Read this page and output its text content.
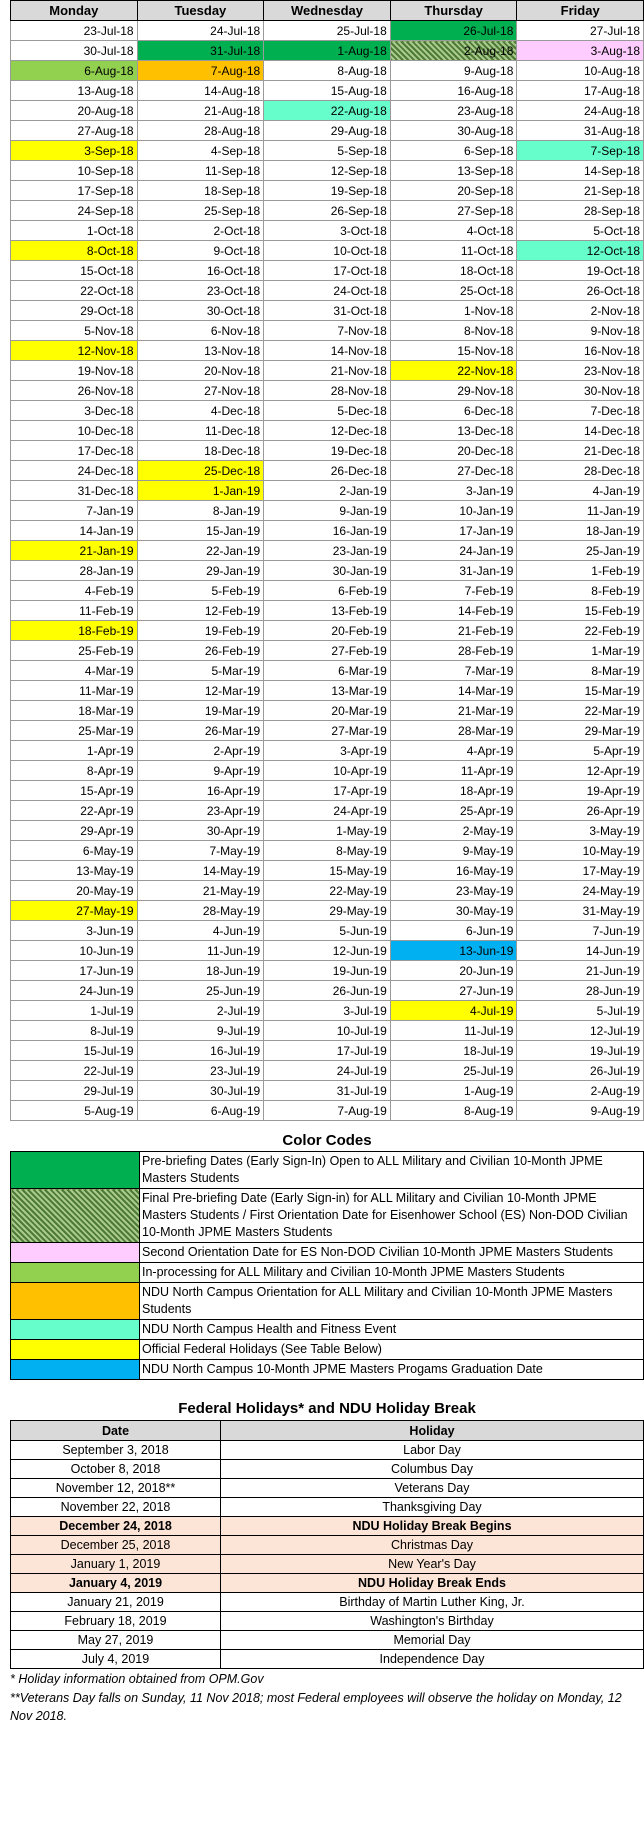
Monday	Tuesday	Wednesday	Thursday	Friday
23-Jul-18	24-Jul-18	25-Jul-18	26-Jul-18	27-Jul-18
30-Jul-18	31-Jul-18	1-Aug-18	2-Aug-18	3-Aug-18
6-Aug-18	7-Aug-18	8-Aug-18	9-Aug-18	10-Aug-18
13-Aug-18	14-Aug-18	15-Aug-18	16-Aug-18	17-Aug-18
20-Aug-18	21-Aug-18	22-Aug-18	23-Aug-18	24-Aug-18
27-Aug-18	28-Aug-18	29-Aug-18	30-Aug-18	31-Aug-18
3-Sep-18	4-Sep-18	5-Sep-18	6-Sep-18	7-Sep-18
10-Sep-18	11-Sep-18	12-Sep-18	13-Sep-18	14-Sep-18
17-Sep-18	18-Sep-18	19-Sep-18	20-Sep-18	21-Sep-18
24-Sep-18	25-Sep-18	26-Sep-18	27-Sep-18	28-Sep-18
1-Oct-18	2-Oct-18	3-Oct-18	4-Oct-18	5-Oct-18
8-Oct-18	9-Oct-18	10-Oct-18	11-Oct-18	12-Oct-18
15-Oct-18	16-Oct-18	17-Oct-18	18-Oct-18	19-Oct-18
22-Oct-18	23-Oct-18	24-Oct-18	25-Oct-18	26-Oct-18
29-Oct-18	30-Oct-18	31-Oct-18	1-Nov-18	2-Nov-18
5-Nov-18	6-Nov-18	7-Nov-18	8-Nov-18	9-Nov-18
12-Nov-18	13-Nov-18	14-Nov-18	15-Nov-18	16-Nov-18
19-Nov-18	20-Nov-18	21-Nov-18	22-Nov-18	23-Nov-18
26-Nov-18	27-Nov-18	28-Nov-18	29-Nov-18	30-Nov-18
3-Dec-18	4-Dec-18	5-Dec-18	6-Dec-18	7-Dec-18
10-Dec-18	11-Dec-18	12-Dec-18	13-Dec-18	14-Dec-18
17-Dec-18	18-Dec-18	19-Dec-18	20-Dec-18	21-Dec-18
24-Dec-18	25-Dec-18	26-Dec-18	27-Dec-18	28-Dec-18
31-Dec-18	1-Jan-19	2-Jan-19	3-Jan-19	4-Jan-19
7-Jan-19	8-Jan-19	9-Jan-19	10-Jan-19	11-Jan-19
14-Jan-19	15-Jan-19	16-Jan-19	17-Jan-19	18-Jan-19
21-Jan-19	22-Jan-19	23-Jan-19	24-Jan-19	25-Jan-19
28-Jan-19	29-Jan-19	30-Jan-19	31-Jan-19	1-Feb-19
4-Feb-19	5-Feb-19	6-Feb-19	7-Feb-19	8-Feb-19
11-Feb-19	12-Feb-19	13-Feb-19	14-Feb-19	15-Feb-19
18-Feb-19	19-Feb-19	20-Feb-19	21-Feb-19	22-Feb-19
25-Feb-19	26-Feb-19	27-Feb-19	28-Feb-19	1-Mar-19
4-Mar-19	5-Mar-19	6-Mar-19	7-Mar-19	8-Mar-19
11-Mar-19	12-Mar-19	13-Mar-19	14-Mar-19	15-Mar-19
18-Mar-19	19-Mar-19	20-Mar-19	21-Mar-19	22-Mar-19
25-Mar-19	26-Mar-19	27-Mar-19	28-Mar-19	29-Mar-19
1-Apr-19	2-Apr-19	3-Apr-19	4-Apr-19	5-Apr-19
8-Apr-19	9-Apr-19	10-Apr-19	11-Apr-19	12-Apr-19
15-Apr-19	16-Apr-19	17-Apr-19	18-Apr-19	19-Apr-19
22-Apr-19	23-Apr-19	24-Apr-19	25-Apr-19	26-Apr-19
29-Apr-19	30-Apr-19	1-May-19	2-May-19	3-May-19
6-May-19	7-May-19	8-May-19	9-May-19	10-May-19
13-May-19	14-May-19	15-May-19	16-May-19	17-May-19
20-May-19	21-May-19	22-May-19	23-May-19	24-May-19
27-May-19	28-May-19	29-May-19	30-May-19	31-May-19
3-Jun-19	4-Jun-19	5-Jun-19	6-Jun-19	7-Jun-19
10-Jun-19	11-Jun-19	12-Jun-19	13-Jun-19	14-Jun-19
17-Jun-19	18-Jun-19	19-Jun-19	20-Jun-19	21-Jun-19
24-Jun-19	25-Jun-19	26-Jun-19	27-Jun-19	28-Jun-19
1-Jul-19	2-Jul-19	3-Jul-19	4-Jul-19	5-Jul-19
8-Jul-19	9-Jul-19	10-Jul-19	11-Jul-19	12-Jul-19
15-Jul-19	16-Jul-19	17-Jul-19	18-Jul-19	19-Jul-19
22-Jul-19	23-Jul-19	24-Jul-19	25-Jul-19	26-Jul-19
29-Jul-19	30-Jul-19	31-Jul-19	1-Aug-19	2-Aug-19
5-Aug-19	6-Aug-19	7-Aug-19	8-Aug-19	9-Aug-19
Color Codes
	Pre-briefing Dates (Early Sign-In) Open to ALL Military and Civilian 10-Month JPME Masters Students
	Final Pre-briefing Date (Early Sign-in) for ALL Military and Civilian 10-Month JPME Masters Students / First Orientation Date for Eisenhower School (ES) Non-DOD Civilian 10-Month JPME Masters Students
	Second Orientation Date for ES Non-DOD Civilian 10-Month JPME Masters Students
	In-processing for ALL Military and Civilian 10-Month JPME Masters Students
	NDU North Campus Orientation for ALL Military and Civilian 10-Month JPME Masters Students
	NDU North Campus Health and Fitness Event
	Official Federal Holidays (See Table Below)
	NDU North Campus 10-Month JPME Masters Progams Graduation Date
Federal Holidays* and NDU Holiday Break
Date	Holiday
September 3, 2018	Labor Day
October 8, 2018	Columbus Day
November 12, 2018**	Veterans Day
November 22, 2018	Thanksgiving Day
December 24, 2018	NDU Holiday Break Begins
December 25, 2018	Christmas Day
January 1, 2019	New Year's Day
January 4, 2019	NDU Holiday Break Ends
January 21, 2019	Birthday of Martin Luther King, Jr.
February 18, 2019	Washington's Birthday
May 27, 2019	Memorial Day
July 4, 2019	Independence Day
* Holiday information obtained from OPM.Gov
**Veterans Day falls on Sunday, 11 Nov 2018; most Federal employees will observe the holiday on Monday, 12 Nov 2018.
